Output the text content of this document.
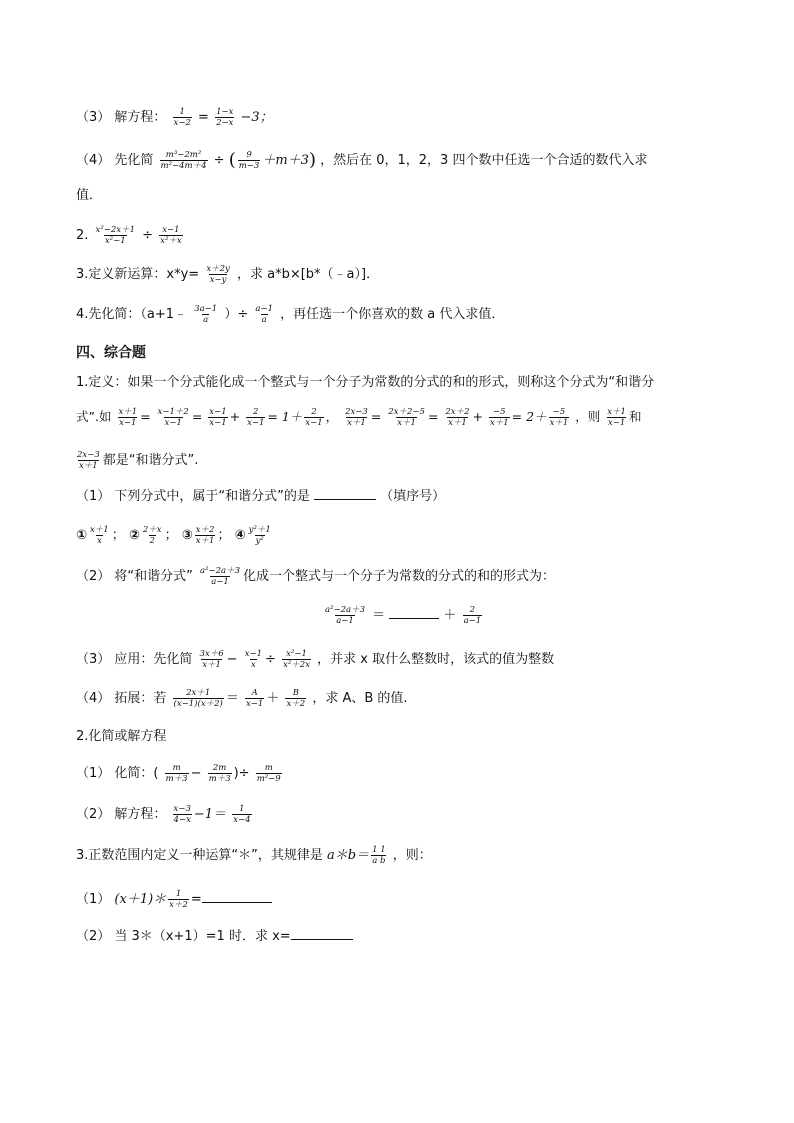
（3） 解方程： $\frac{1}{x-2} = \frac{1-x}{2-x} -3$；
（4） 先化简 $\frac{\text{m³−2m²}}{\text{m²−4m＋4}}$ ÷ ( $\frac{9}{m-3} +m+3$) ，然后在 0，1，2，3 四个数中任选一个合适的数代入求
值．
2. $\frac{\text{x²−2x＋1}}{\text{x²−1}} \div \frac{x-1}{\text{x²＋x}}$
3.定义新运算：$x*y= \frac{x+2y}{x-y}$ ，求 a*b×[b*（﹣a）]．
4.先化简：（a+1﹣ $\frac{3a-1}{a}$ ）÷ $\frac{a-1}{a}$ ，再任选一个你喜欢的数 a 代入求值．
四、综合题
1.定义：如果一个分式能化成一个整式与一个分子为常数的分式的和的形式，则称这个分式为“和谐分
式”.如 $\frac{x+1}{x-1} = \frac{x-1+2}{x-1} = \frac{x-1}{x-1} + \frac{2}{x-1} = 1+ \frac{2}{x-1}$ ， $\frac{2x-3}{x+1} = \frac{2x+2-5}{x+1} = \frac{2x+2}{x+1} + \frac{-5}{x+1} = 2+ \frac{-5}{x+1}$ ，则 $\frac{x+1}{x-1}$ 和
$\frac{2x-3}{x+1}$ 都是“和谐分式”.
（1） 下列分式中，属于“和谐分式”的是	（填序号）
① $\frac{x+1}{x}$ ； ② $\frac{2+x}{2}$ ； ③ $\frac{x+2}{x+1}$ ； ④ $\frac{\text{y²＋1}}{\text{y²}}$
（2） 将“和谐分式” $\frac{\text{a²−2a＋3}}{a-1}$ 化成一个整式与一个分子为常数的分式的和的形式为：
$\frac{\text{a²−2a＋3}}{a-1}$ ＝	＋ $\frac{2}{a-1}$
（3） 应用：先化简 $\frac{3x+6}{x+1} - \frac{x-1}{x} \div \frac{\text{x²−1}}{\text{x²＋2x}}$ ，并求 x 取什么整数时，该式的值为整数
（4） 拓展：若 $\frac{2x+1}{(x-1)(x+2)} = \frac{A}{x-1} + \frac{B}{x+2}$ ，求 A、B 的值.
2.化简或解方程
（1） 化简：( $\frac{m}{m+3} - \frac{2m}{m+3}$ )÷ $\frac{m}{\text{m²−9}}$
（2） 解方程： $\frac{x-3}{4-x} -1= \frac{1}{x-4}$
3.正数范围内定义一种运算“＊”，其规律是 a＊b＝ $\frac{1 1}{\text{a b}}$ ，则：
（1） (x＋1)＊ $\frac{1}{x+2}$ =
（2） 当 3＊（x+1）=1 时．求 x=
